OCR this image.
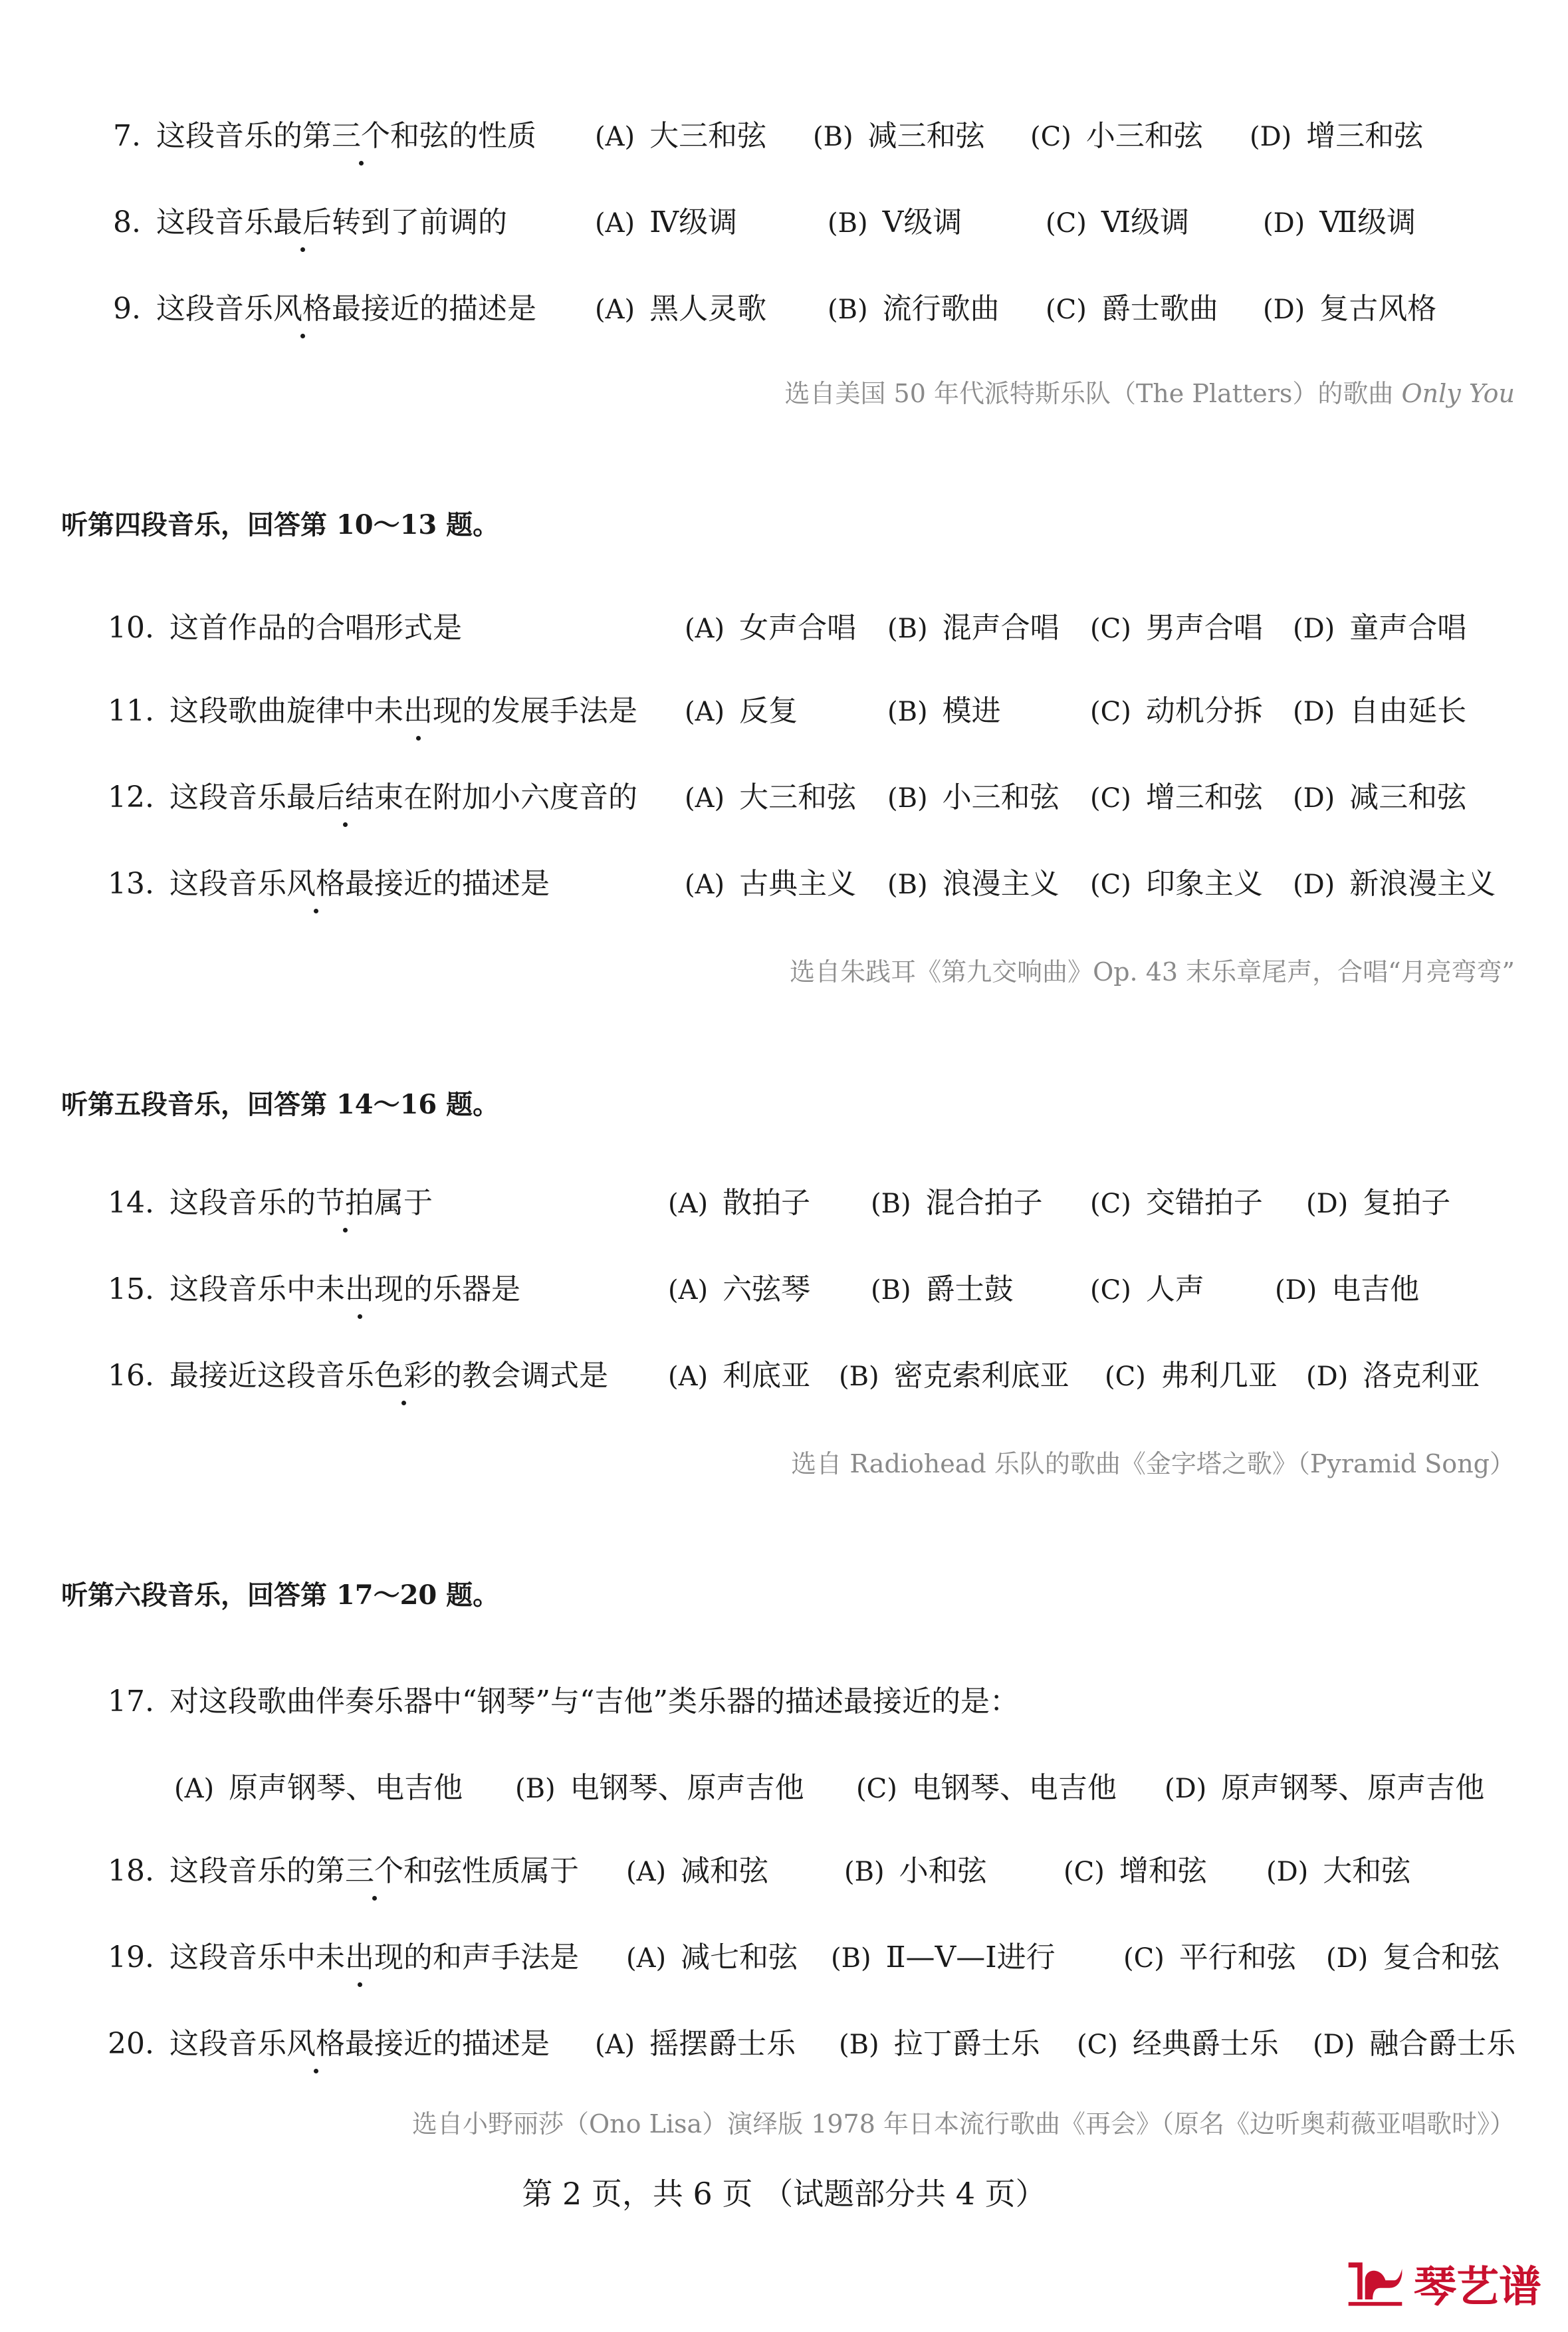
7. 这段音乐的第三个和弦的性质 (A) 大三和弦 (B) 减三和弦 (C) 小三和弦 (D) 增三和弦
8. 这段音乐最后转到了前调的	(A) Ⅳ级调	(B) Ⅴ级调	(C) Ⅵ级调	(D) Ⅶ级调
9. 这段音乐风格最接近的描述是 (A) 黑人灵歌 (B) 流行歌曲 (C) 爵士歌曲 (D) 复古风格
选自美国 50 年代派特斯乐队（The Platters）的歌曲 Only You
听第四段音乐，回答第 10～13 题。
10. 这首作品的合唱形式是	(A) 女声合唱 (B) 混声合唱 (C) 男声合唱 (D) 童声合唱
11. 这段歌曲旋律中未出现的发展手法是 (A) 反复	(B) 模进	(C) 动机分拆 (D) 自由延长
12. 这段音乐最后结束在附加小六度音的 (A) 大三和弦 (B) 小三和弦 (C) 增三和弦 (D) 减三和弦
13. 这段音乐风格最接近的描述是	(A) 古典主义 (B) 浪漫主义 (C) 印象主义 (D) 新浪漫主义
选自朱践耳《第九交响曲》Op. 43 末乐章尾声，合唱“月亮弯弯”
听第五段音乐，回答第 14～16 题。
14. 这段音乐的节拍属于	(A) 散拍子 (B) 混合拍子 (C) 交错拍子 (D) 复拍子
15. 这段音乐中未出现的乐器是	(A) 六弦琴 (B) 爵士鼓	(C) 人声	(D) 电吉他
16. 最接近这段音乐色彩的教会调式是 (A) 利底亚 (B) 密克索利底亚 (C) 弗利几亚 (D) 洛克利亚
选自 Radiohead 乐队的歌曲《金字塔之歌》（Pyramid Song）
听第六段音乐，回答第 17～20 题。
17. 对这段歌曲伴奏乐器中“钢琴”与“吉他”类乐器的描述最接近的是：
(A) 原声钢琴、电吉他 (B) 电钢琴、原声吉他 (C) 电钢琴、电吉他 (D) 原声钢琴、原声吉他
18. 这段音乐的第三个和弦性质属于 (A) 减和弦	(B) 小和弦	(C) 增和弦 (D) 大和弦
19. 这段音乐中未出现的和声手法是 (A) 减七和弦 (B) Ⅱ—Ⅴ—Ⅰ进行	(C) 平行和弦 (D) 复合和弦
20. 这段音乐风格最接近的描述是 (A) 摇摆爵士乐 (B) 拉丁爵士乐 (C) 经典爵士乐 (D) 融合爵士乐
选自小野丽莎（Ono Lisa）演绎版 1978 年日本流行歌曲《再会》（原名《边听奥莉薇亚唱歌时》）
第 2 页，共 6 页 （试题部分共 4 页）
琴艺谱
